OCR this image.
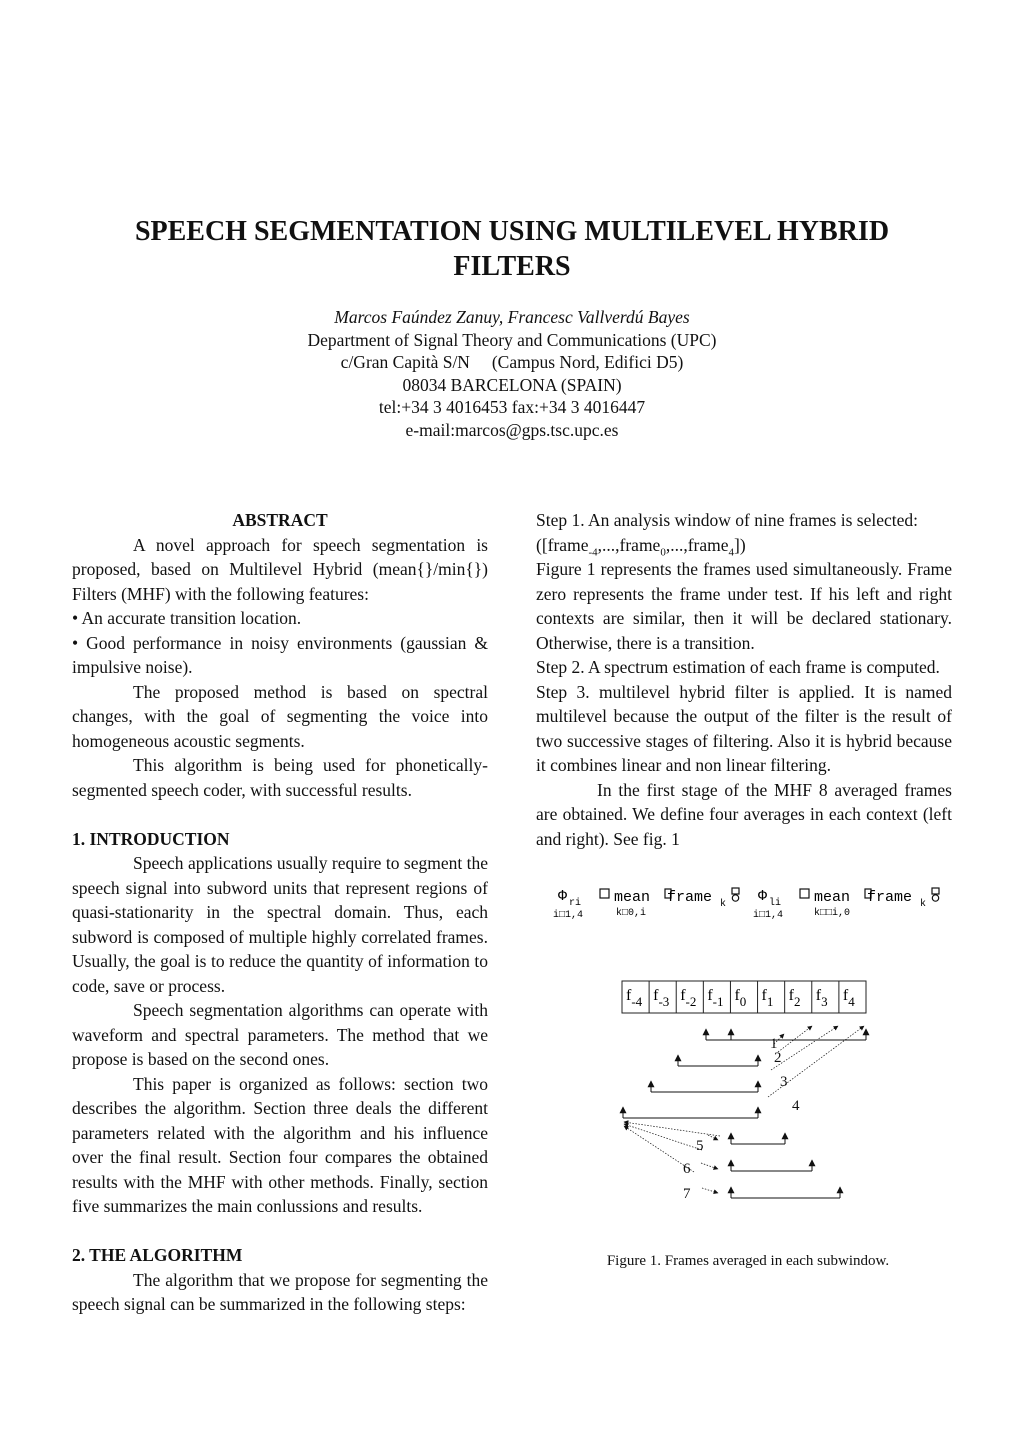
SPEECH SEGMENTATION USING MULTILEVEL HYBRID
FILTERS
Marcos Faúndez Zanuy, Francesc Vallverdú Bayes
Department of Signal Theory and Communications (UPC)
c/Gran Capità S/N     (Campus Nord, Edifici D5)
08034 BARCELONA (SPAIN)
tel:+34 3 4016453 fax:+34 3 4016447
e-mail:marcos@gps.tsc.upc.es
ABSTRACT

A novel approach for speech segmentation is proposed, based on Multilevel Hybrid (mean{}/min{}) Filters (MHF) with the following features:

• An accurate transition location.

• Good performance in noisy environments (gaussian & impulsive noise).

The proposed method is based on spectral changes, with the goal of segmenting the voice into homogeneous acoustic segments.

This algorithm is being used for phonetically-segmented speech coder, with successful results.

1. INTRODUCTION

Speech applications usually require to segment the speech signal into subword units that represent regions of quasi-stationarity in the spectral domain. Thus, each subword is composed of multiple highly correlated frames. Usually, the goal is to reduce the quantity of information to code, save or process.

Speech segmentation algorithms can operate with waveform and spectral parameters. The method that we propose is based on the second ones.

This paper is organized as follows: section two describes the algorithm. Section three deals the different parameters related with the algorithm and his influence over the final result. Section four compares the obtained results with the MHF with other methods. Finally, section five summarizes the main conlussions and results.

2. THE ALGORITHM

The algorithm that we propose for segmenting the speech signal can be summarized in the following steps:

Step 1. An analysis window of nine frames is selected:

([frame$_{-4}$,...,frame$_0$,...,frame$_4$])

Figure 1 represents the frames used simultaneously. Frame zero represents the frame under test. If his left and right contexts are similar, then it will be declared stationary. Otherwise, there is a transition.

Step 2. A spectrum estimation of each frame is computed.

Step 3. multilevel hybrid filter is applied. It is named multilevel because the output of the filter is the result of two successive stages of filtering. Also it is hybrid because it combines linear and non linear filtering.

In the first stage of the MHF 8 averaged frames are obtained. We define four averages in each context (left and right). See fig. 1

Φ ri
i□1,4
mean
k□0,i
frame k Φ li
i□1,4
mean
k□□i,0
frame k
$f_{-4}$ $f_{-3}$ $f_{-2}$ $f_{-1}$ $f_0$ $f_1$ $f_2$ $f_3$ $f_4$
2
1
3
4
5
6
7
Figure 1. Frames averaged in each subwindow.
